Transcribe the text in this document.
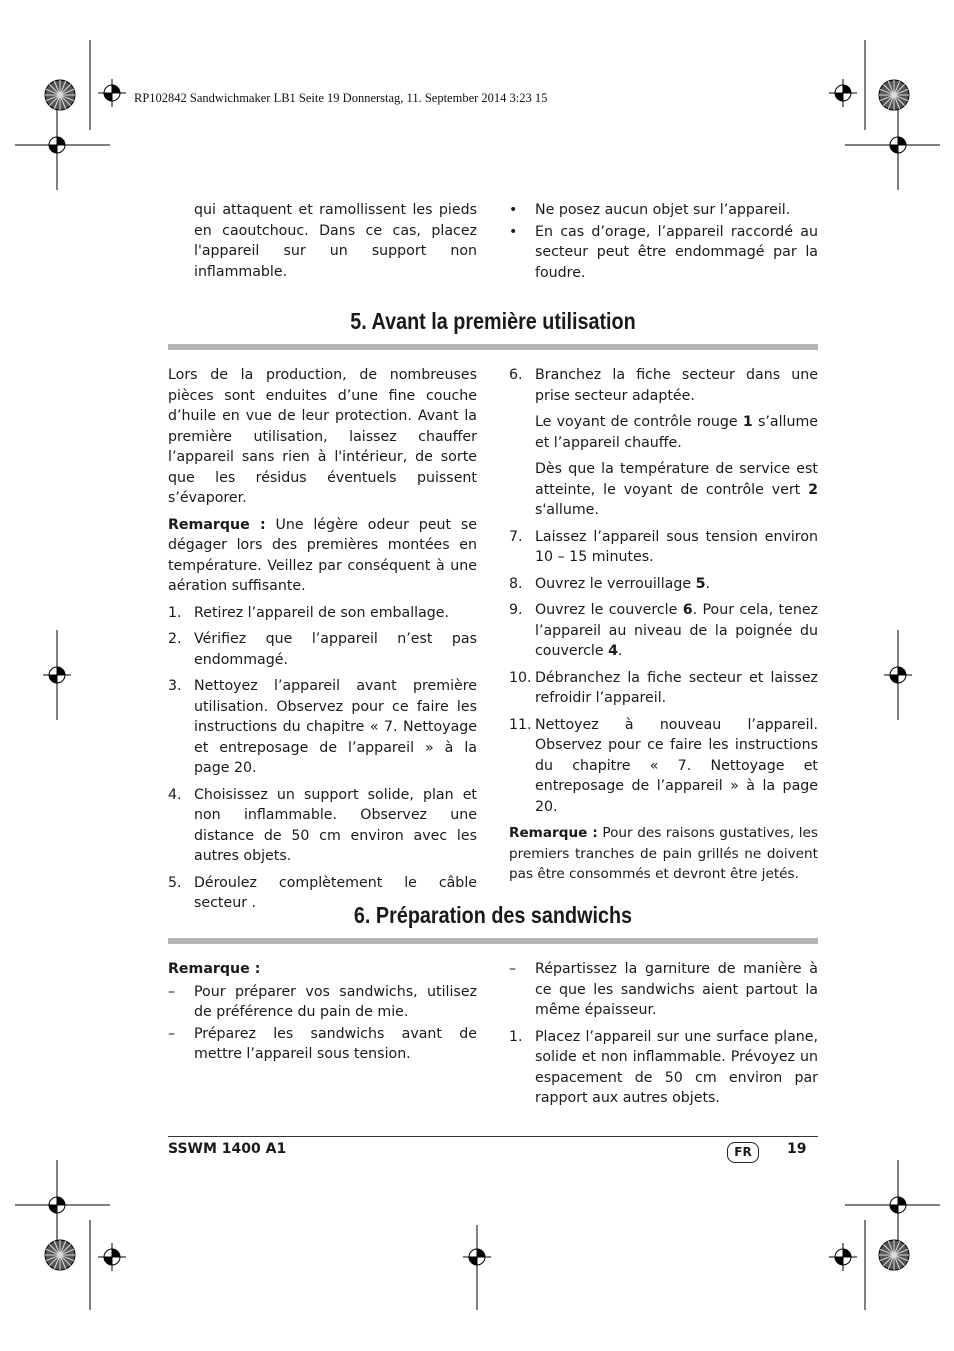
RP102842 Sandwichmaker LB1 Seite 19 Donnerstag, 11. September 2014 3:23 15

qui attaquent et ramollissent les pieds en caoutchouc. Dans ce cas, placez l'appareil sur un support non inflammable.

• Ne posez aucun objet sur l’appareil.
• En cas d’orage, l’appareil raccordé au secteur peut être endommagé par la foudre.
5. Avant la première utilisation

Lors de la production, de nombreuses pièces sont enduites d’une fine couche d’huile en vue de leur protection. Avant la première utilisation, laissez chauffer l’appareil sans rien à l'intérieur, de sorte que les résidus éventuels puissent s’évaporer.

Remarque : Une légère odeur peut se dégager lors des premières montées en température. Veillez par conséquent à une aération suffisante.

1. Retirez l’appareil de son emballage.
2. Vérifiez que l’appareil n’est pas endommagé.
3. Nettoyez l’appareil avant première utilisation. Observez pour ce faire les instructions du chapitre « 7. Nettoyage et entreposage de l’appareil » à la page 20.
4. Choisissez un support solide, plan et non inflammable. Observez une distance de 50 cm environ avec les autres objets.
5. Déroulez complètement le câble secteur .
6. Branchez la fiche secteur dans une prise secteur adaptée.

Le voyant de contrôle rouge 1 s’allume et l’appareil chauffe.

Dès que la température de service est atteinte, le voyant de contrôle vert 2 s'allume.

7. Laissez l’appareil sous tension environ 10 – 15 minutes.
8. Ouvrez le verrouillage 5.
9. Ouvrez le couvercle 6. Pour cela, tenez l’appareil au niveau de la poignée du couvercle 4.
10. Débranchez la fiche secteur et laissez refroidir l’appareil.
11. Nettoyez à nouveau l’appareil. Observez pour ce faire les instructions du chapitre « 7. Nettoyage et entreposage de l’appareil » à la page 20.

Remarque : Pour des raisons gustatives, les premiers tranches de pain grillés ne doivent pas être consommés et devront être jetés.

6. Préparation des sandwichs

Remarque :

– Pour préparer vos sandwichs, utilisez de préférence du pain de mie.
– Préparez les sandwichs avant de mettre l’appareil sous tension.
– Répartissez la garniture de manière à ce que les sandwichs aient partout la même épaisseur.
1. Placez l’appareil sur une surface plane, solide et non inflammable. Prévoyez un espacement de 50 cm environ par rapport aux autres objets.
SSWM 1400 A1	FR	19
